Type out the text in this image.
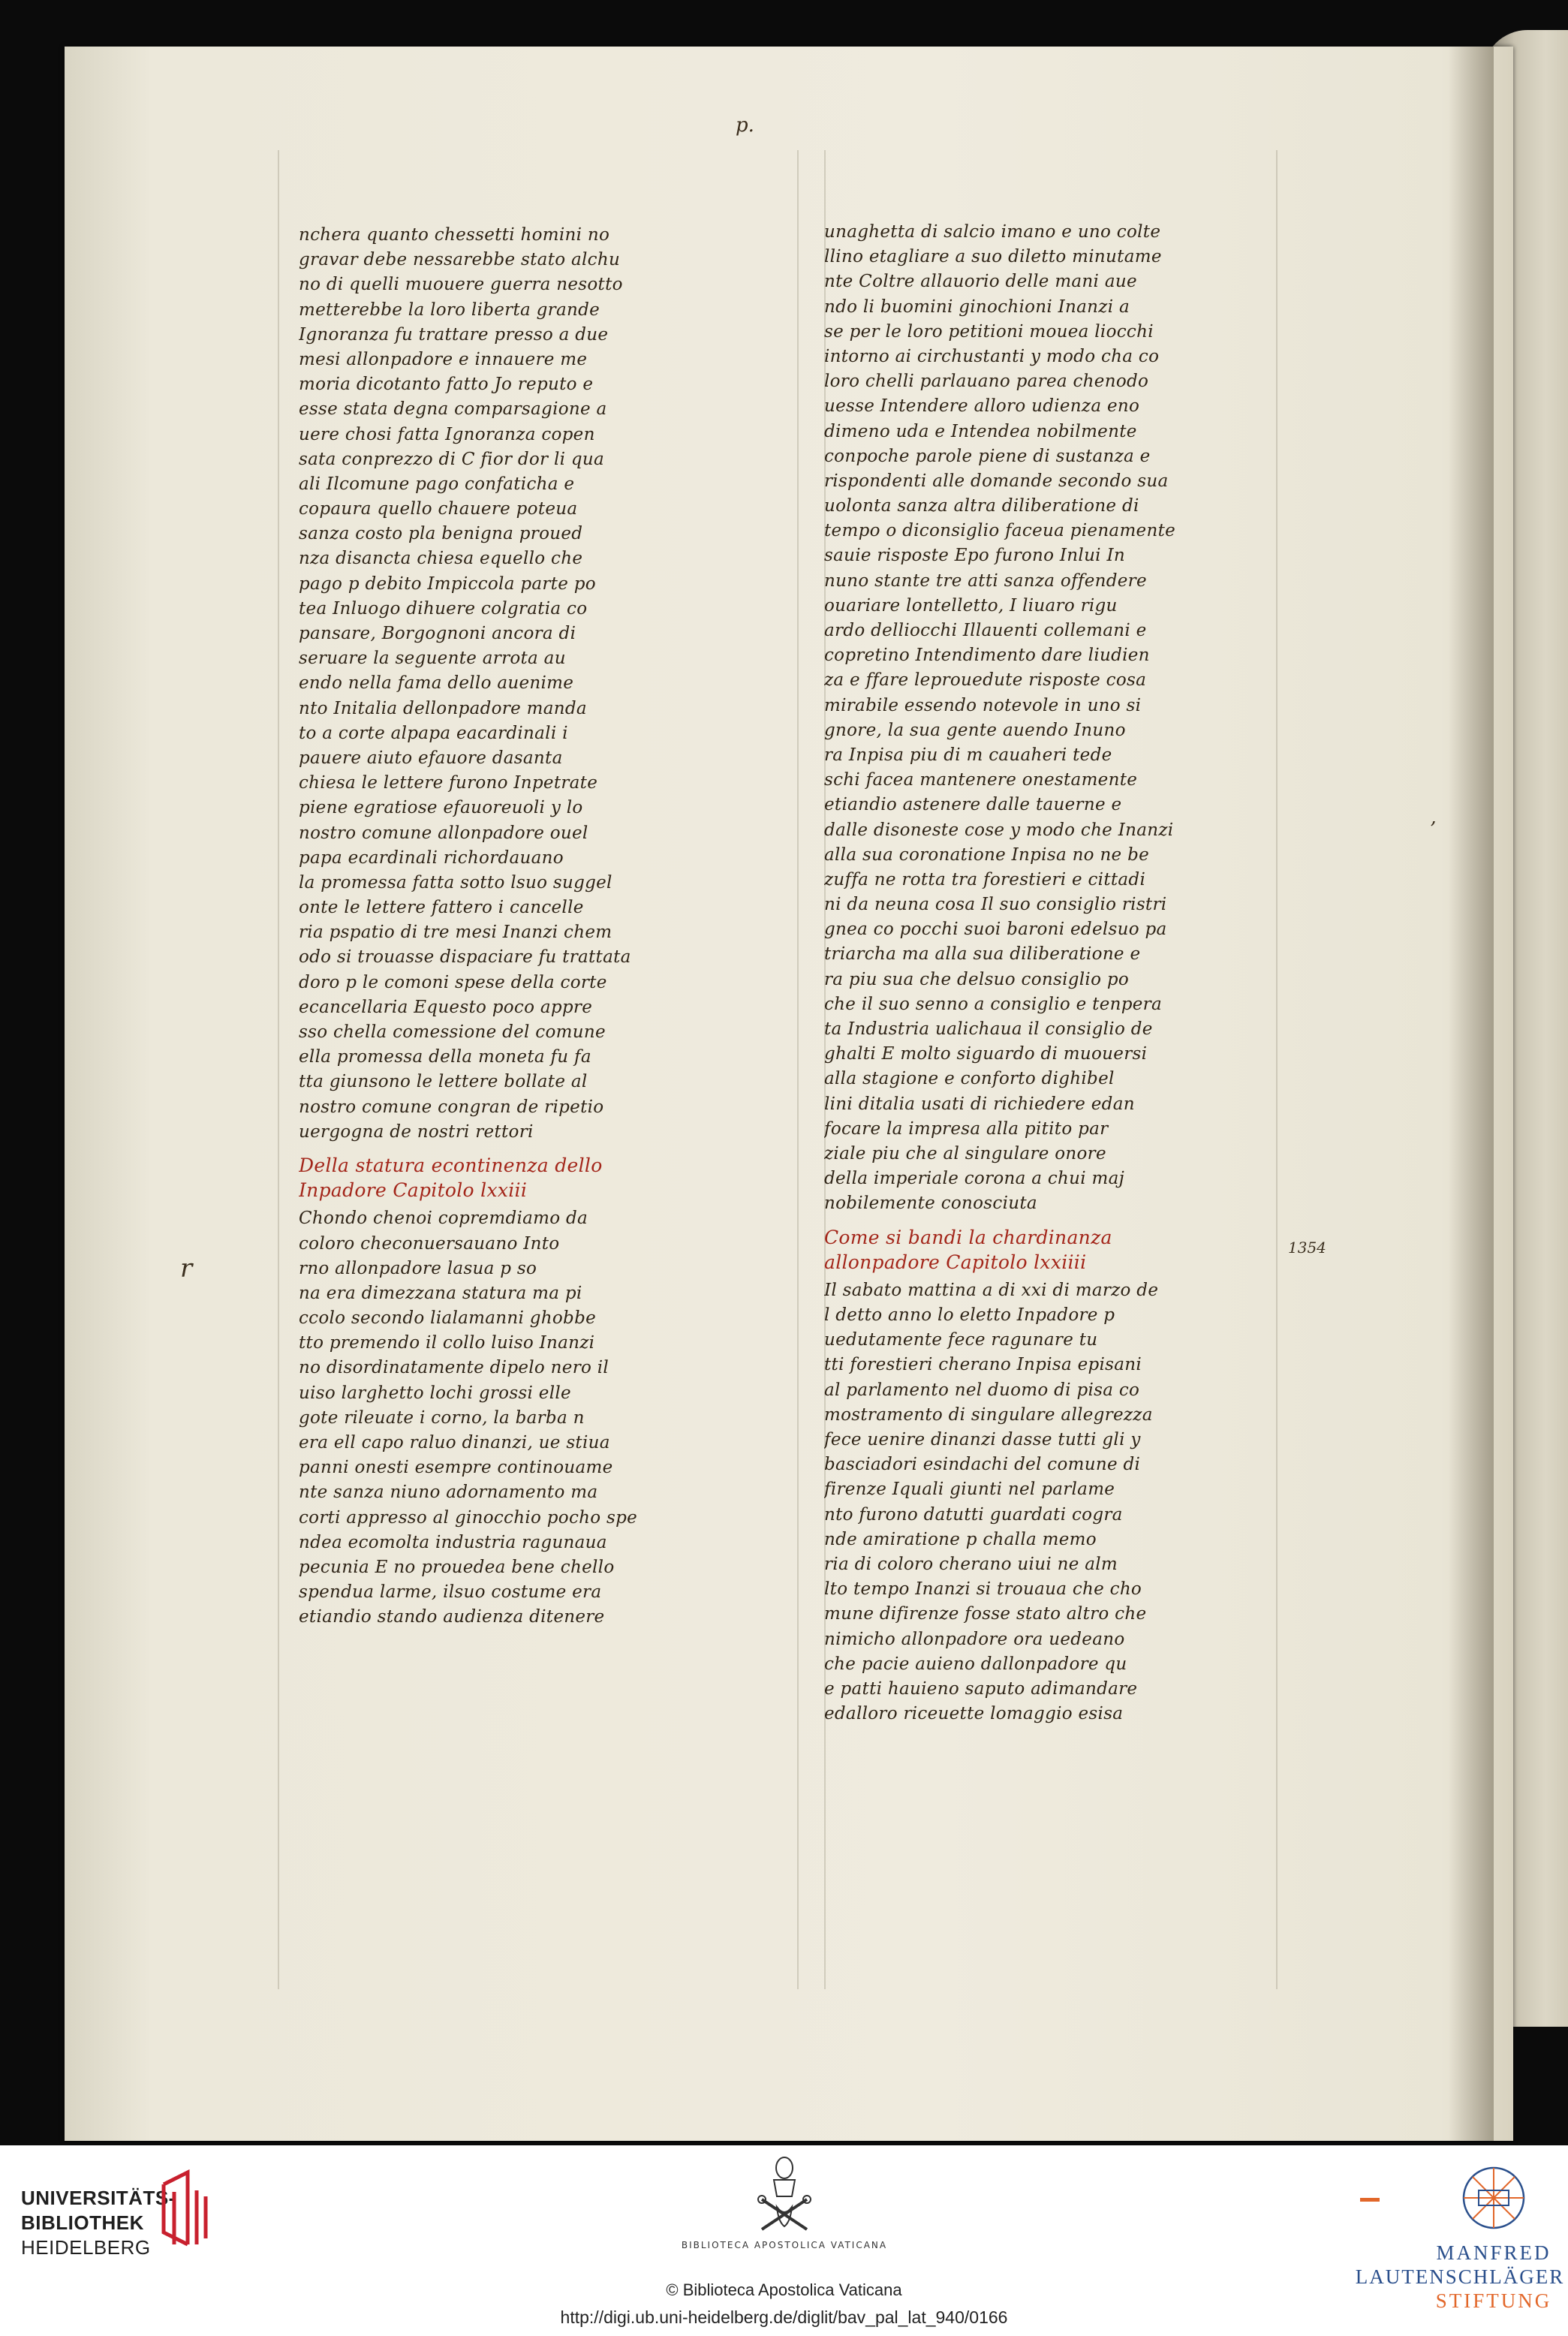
p.
nchera quanto chessetti homini no
gravar debe nessarebbe stato alchu
no di quelli muouere guerra nesotto
metterebbe la loro liberta grande
Ignoranza fu trattare presso a due
mesi allonpadore e innauere me
moria dicotanto fatto Jo reputo e
esse stata degna comparsagione a
uere chosi fatta Ignoranza copen
sata conprezzo di C fior dor li qua
ali Ilcomune pago confaticha e
copaura quello chauere poteua
sanza costo pla benigna proued
nza disancta chiesa equello che
pago p debito Impiccola parte po
tea Inluogo dihuere colgratia co
pansare, Borgognoni ancora di
seruare la seguente arrota au
endo nella fama dello auenime
nto Initalia dellonpadore manda
to a corte alpapa eacardinali i
pauere aiuto efauore dasanta
chiesa le lettere furono Inpetrate
piene egratiose efauoreuoli y lo
nostro comune allonpadore ouel
papa ecardinali richordauano
la promessa fatta sotto lsuo suggel
onte le lettere fattero i cancelle
ria pspatio di tre mesi Inanzi chem
odo si trouasse dispaciare fu trattata
doro p le comoni spese della corte
ecancellaria Equesto poco appre
sso chella comessione del comune
ella promessa della moneta fu fa
tta giunsono le lettere bollate al
nostro comune congran de ripetio
uergogna de nostri rettori
Della statura econtinenza dello
Inpadore Capitolo lxxiii
Chondo chenoi copremdiamo da
coloro checonuersauano Into
rno allonpadore lasua p so
na era dimezzana statura ma pi
ccolo secondo lialamanni ghobbe
tto premendo il collo luiso Inanzi
no disordinatamente dipelo nero il
uiso larghetto lochi grossi elle
gote rileuate i corno, la barba n
era ell capo raluo dinanzi, ue stiua
panni onesti esempre continouame
nte sanza niuno adornamento ma
corti appresso al ginocchio pocho spe
ndea ecomolta industria ragunaua
pecunia E no prouedea bene chello
spendua larme, ilsuo costume era
etiandio stando audienza ditenere
unaghetta di salcio imano e uno colte
llino etagliare a suo diletto minutame
nte Coltre allauorio delle mani aue
ndo li buomini ginochioni Inanzi a
se per le loro petitioni mouea liocchi
intorno ai circhustanti y modo cha co
loro chelli parlauano parea chenodo
uesse Intendere alloro udienza eno
dimeno uda e Intendea nobilmente
conpoche parole piene di sustanza e
rispondenti alle domande secondo sua
uolonta sanza altra diliberatione di
tempo o diconsiglio faceua pienamente
sauie risposte Epo furono Inlui In
nuno stante tre atti sanza offendere
ouariare lontelletto, I liuaro rigu
ardo delliocchi Illauenti collemani e
copretino Intendimento dare liudien
za e ffare leprouedute risposte cosa
mirabile essendo notevole in uno si
gnore, la sua gente auendo Inuno
ra Inpisa piu di m cauaheri tede
schi facea mantenere onestamente
etiandio astenere dalle tauerne e
dalle disoneste cose y modo che Inanzi
alla sua coronatione Inpisa no ne be
zuffa ne rotta tra forestieri e cittadi
ni da neuna cosa Il suo consiglio ristri
gnea co pocchi suoi baroni edelsuo pa
triarcha ma alla sua diliberatione e
ra piu sua che delsuo consiglio po
che il suo senno a consiglio e tenpera
ta Industria ualichaua il consiglio de
ghalti E molto siguardo di muouersi
alla stagione e conforto dighibel
lini ditalia usati di richiedere edan
focare la impresa alla pitito par
ziale piu che al singulare onore
della imperiale corona a chui maj
nobilemente conosciuta
Come si bandi la chardinanza
allonpadore Capitolo lxxiiii
Il sabato mattina a di xxi di marzo de
l detto anno lo eletto Inpadore p
uedutamente fece ragunare tu
tti forestieri cherano Inpisa episani
al parlamento nel duomo di pisa co
mostramento di singulare allegrezza
fece uenire dinanzi dasse tutti gli y
basciadori esindachi del comune di
firenze Iquali giunti nel parlame
nto furono datutti guardati cogra
nde amiratione p challa memo
ria di coloro cherano uiui ne alm
lto tempo Inanzi si trouaua che cho
mune difirenze fosse stato altro che
nimicho allonpadore ora uedeano
che pacie auieno dallonpadore qu
e patti hauieno saputo adimandare
edalloro riceuette lomaggio esisa
1354
’
r
UNIVERSITÄTS-
BIBLIOTHEK
HEIDELBERG	BIBLIOTECA APOSTOLICA VATICANA
© Biblioteca Apostolica Vaticana
http://digi.ub.uni-heidelberg.de/diglit/bav_pal_lat_940/0166
MANFRED
LAUTENSCHLÄGER
STIFTUNG
